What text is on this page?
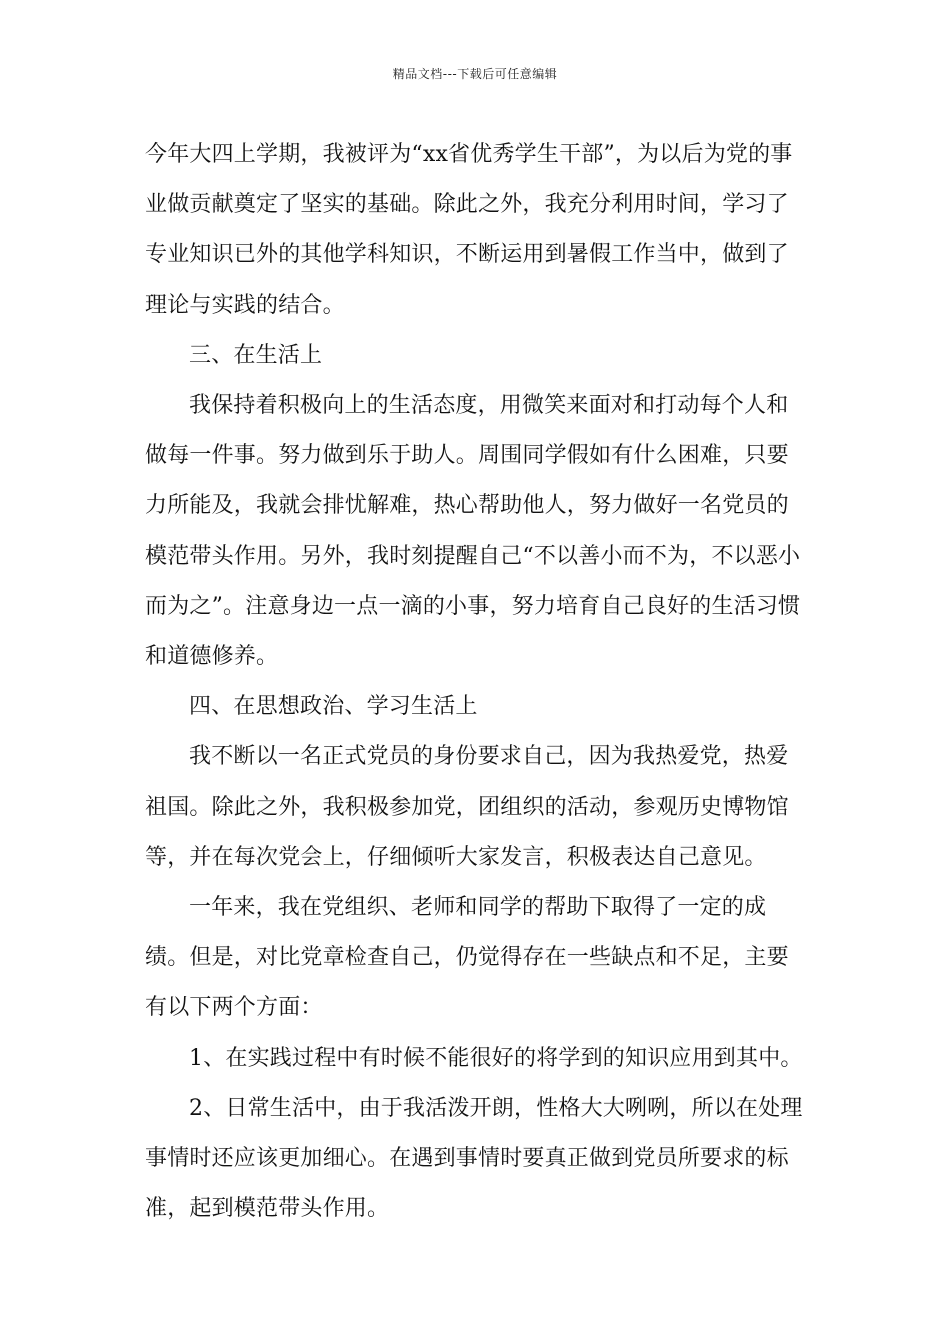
精品文档---下载后可任意编辑

今年大四上学期，我被评为“xx省优秀学生干部”，为以后为党的事业做贡献奠定了坚实的基础。除此之外，我充分利用时间，学习了专业知识已外的其他学科知识，不断运用到暑假工作当中，做到了理论与实践的结合。

三、在生活上

我保持着积极向上的生活态度，用微笑来面对和打动每个人和做每一件事。努力做到乐于助人。周围同学假如有什么困难，只要力所能及，我就会排忧解难，热心帮助他人，努力做好一名党员的模范带头作用。另外，我时刻提醒自己“不以善小而不为，不以恶小而为之”。注意身边一点一滴的小事，努力培育自己良好的生活习惯和道德修养。

四、在思想政治、学习生活上

我不断以一名正式党员的身份要求自己，因为我热爱党，热爱祖国。除此之外，我积极参加党，团组织的活动，参观历史博物馆等，并在每次党会上，仔细倾听大家发言，积极表达自己意见。

一年来，我在党组织、老师和同学的帮助下取得了一定的成绩。但是，对比党章检查自己，仍觉得存在一些缺点和不足，主要有以下两个方面：

1、在实践过程中有时候不能很好的将学到的知识应用到其中。

2、日常生活中，由于我活泼开朗，性格大大咧咧，所以在处理事情时还应该更加细心。在遇到事情时要真正做到党员所要求的标准，起到模范带头作用。
